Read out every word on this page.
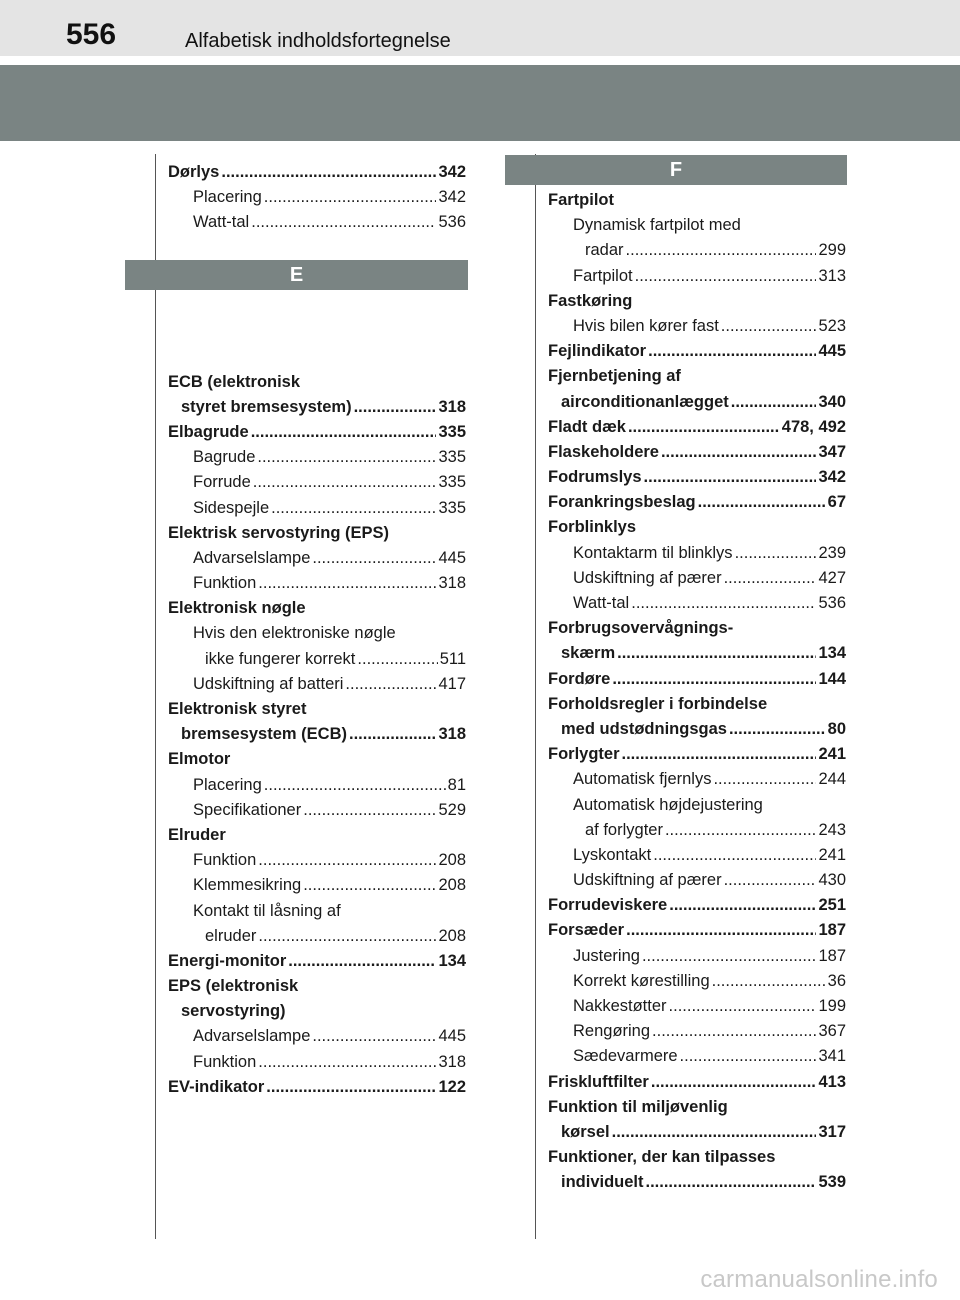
556	Alfabetisk indholdsfortegnelse
E
F
Dørlys .....	342
Placering .....	342
Watt-tal .....	536
ECB (elektronisk
styret bremsesystem) .....	318
Elbagrude .....	335
Bagrude .....	335
Forrude .....	335
Sidespejle .....	335
Elektrisk servostyring (EPS)
Advarselslampe .....	445
Funktion .....	318
Elektronisk nøgle
Hvis den elektroniske nøgle
ikke fungerer korrekt .....	511
Udskiftning af batteri .....	417
Elektronisk styret
bremsesystem (ECB) .....	318
Elmotor
Placering .....	81
Specifikationer .....	529
Elruder
Funktion .....	208
Klemmesikring .....	208
Kontakt til låsning af
elruder .....	208
Energi-monitor .....	134
EPS (elektronisk
servostyring)
Advarselslampe .....	445
Funktion .....	318
EV-indikator .....	122
Fartpilot
Dynamisk fartpilot med
radar .....	299
Fartpilot .....	313
Fastkøring
Hvis bilen kører fast .....	523
Fejlindikator .....	445
Fjernbetjening af
airconditionanlægget .....	340
Fladt dæk .....	478, 492
Flaskeholdere .....	347
Fodrumslys .....	342
Forankringsbeslag .....	67
Forblinklys
Kontaktarm til blinklys .....	239
Udskiftning af pærer .....	427
Watt-tal .....	536
Forbrugsovervågnings-
skærm .....	134
Fordøre .....	144
Forholdsregler i forbindelse
med udstødningsgas .....	80
Forlygter .....	241
Automatisk fjernlys .....	244
Automatisk højdejustering
af forlygter .....	243
Lyskontakt .....	241
Udskiftning af pærer .....	430
Forrudeviskere .....	251
Forsæder .....	187
Justering .....	187
Korrekt kørestilling .....	36
Nakkestøtter .....	199
Rengøring .....	367
Sædevarmere .....	341
Friskluftfilter .....	413
Funktion til miljøvenlig
kørsel .....	317
Funktioner, der kan tilpasses
individuelt .....	539
carmanualsonline.info
